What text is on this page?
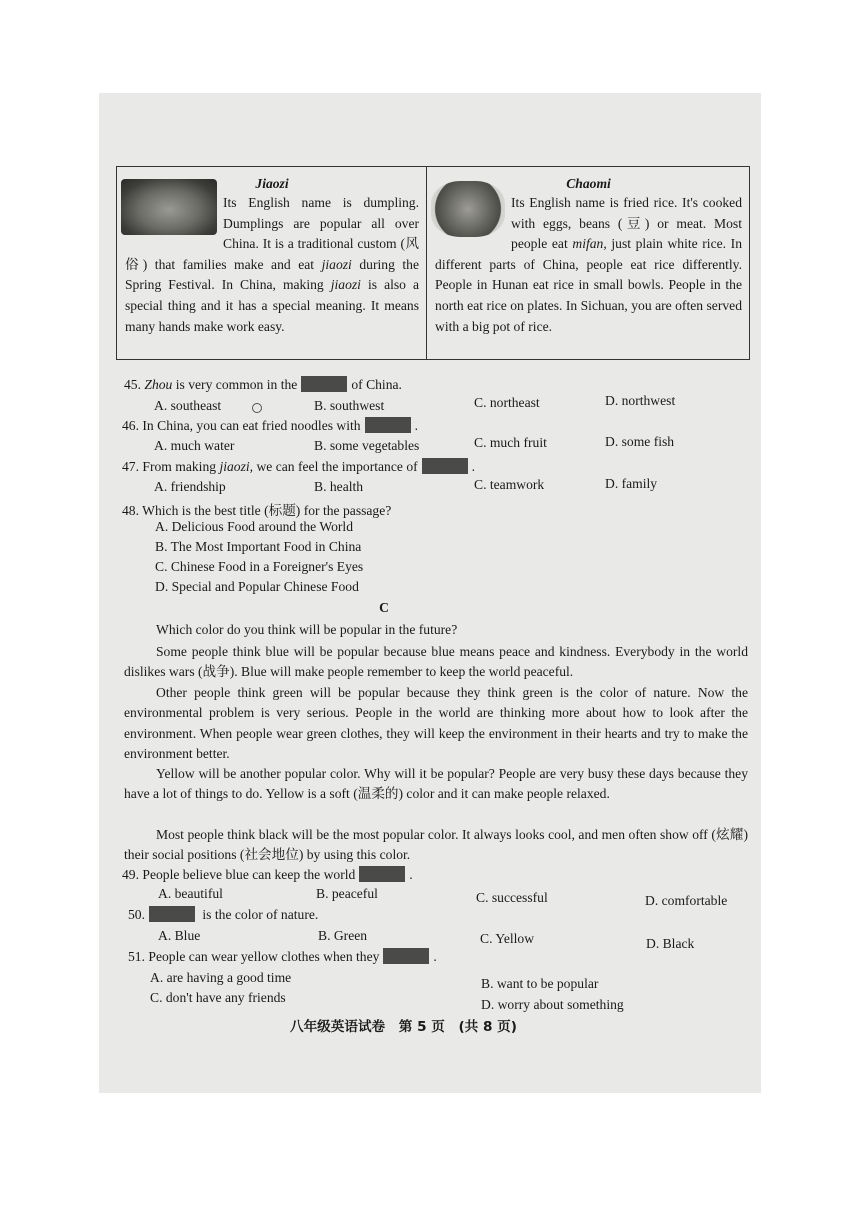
Jiaozi
Its English name is dumpling. Dumplings are popular all over China. It is a traditional custom (风俗) that families make and eat jiaozi during the Spring Festival. In China, making jiaozi is also a special thing and it has a special meaning. It means many hands make work easy.
Chaomi
Its English name is fried rice. It's cooked with eggs, beans (豆) or meat. Most people eat mifan, just plain white rice. In different parts of China, people eat rice differently. People in Hunan eat rice in small bowls. People in the north eat rice on plates. In Sichuan, you are often served with a big pot of rice.
45. Zhou is very common in the	of China.
A. southeast	B. southwest	C. northeast	D. northwest
46. In China, you can eat fried noodles with	.
A. much water	B. some vegetables	C. much fruit	D. some fish
47. From making jiaozi, we can feel the importance of	.
A. friendship	B. health	C. teamwork	D. family
48. Which is the best title (标题) for the passage?
A. Delicious Food around the World
B. The Most Important Food in China
C. Chinese Food in a Foreigner's Eyes
D. Special and Popular Chinese Food
C
Which color do you think will be popular in the future?
Some people think blue will be popular because blue means peace and kindness. Everybody in the world dislikes wars (战争). Blue will make people remember to keep the world peaceful.
Other people think green will be popular because they think green is the color of nature. Now the environmental problem is very serious. People in the world are thinking more about how to look after the environment. When people wear green clothes, they will keep the environment in their hearts and try to make the environment better.
Yellow will be another popular color. Why will it be popular? People are very busy these days because they have a lot of things to do. Yellow is a soft (温柔的) color and it can make people relaxed.
Most people think black will be the most popular color. It always looks cool, and men often show off (炫耀) their social positions (社会地位) by using this color.
49. People believe blue can keep the world	.
A. beautiful	B. peaceful	C. successful	D. comfortable
50.	is the color of nature.
A. Blue	B. Green	C. Yellow	D. Black
51. People can wear yellow clothes when they	.
A. are having a good time
C. don't have any friends
B. want to be popular
D. worry about something
八年级英语试卷　第 5 页　(共 8 页)
